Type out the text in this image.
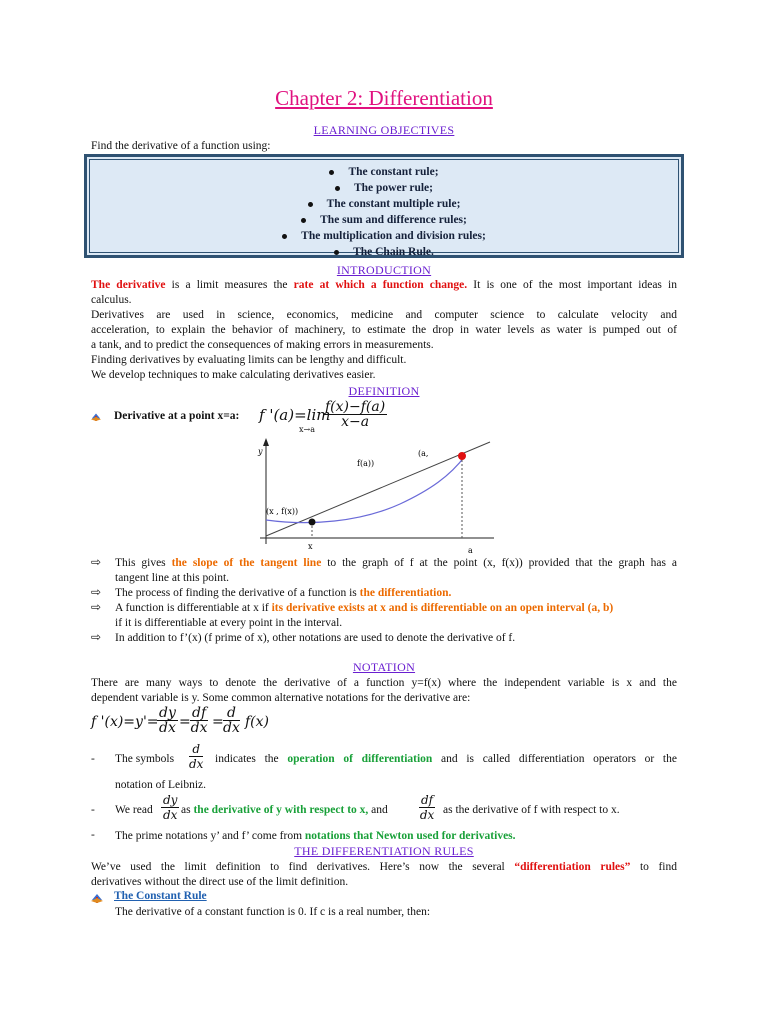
Chapter 2: Differentiation
LEARNING OBJECTIVES
Find the derivative of a function using:
The constant rule;
The power rule;
The constant multiple rule;
The sum and difference rules;
The multiplication and division rules;
The Chain Rule.
INTRODUCTION
The derivative is a limit measures the rate at which a function change. It is one of the most important ideas in
calculus.
Derivatives are used in science, economics, medicine and computer science to calculate velocity and
acceleration, to explain the behavior of machinery, to estimate the drop in water levels as water is pumped out of
a tank, and to predict the consequences of making errors in measurements.
Finding derivatives by evaluating limits can be lengthy and difficult.
We develop techniques to make calculating derivatives easier.
DEFINITION
Derivative at a point x=a: f '(a)=lim
x→a
$\frac{f(x)-f(a)}{x-a}$
y
x	a
f(a))
(a,
(x , f(x))
⇨ This gives the slope of the tangent line to the graph of f at the point (x, f(x)) provided that the graph has a
tangent line at this point.
⇨ The process of finding the derivative of a function is the differentiation.
⇨ A function is differentiable at x if its derivative exists at x and is differentiable on an open interval (a, b)
if it is differentiable at every point in the interval.
⇨ In addition to f’(x) (f prime of x), other notations are used to denote the derivative of f.
NOTATION
There are many ways to denote the derivative of a function y=f(x) where the independent variable is x and the
dependent variable is y. Some common alternative notations for the derivative are:
f '(x)=y'=
$\frac{dy}{dx} = \frac{df}{dx} = \frac{d}{dx} f(x)$
- The symbols $\frac{d}{dx}$ indicates the operation of differentiation and is called differentiation operators or the
notation of Leibniz.
- We read $\frac{dy}{dx}$ as the derivative of y with respect to x, and	$\frac{df}{dx}$ as the derivative of f with respect to x.
- The prime notations y’ and f’ come from notations that Newton used for derivatives.
THE DIFFERENTIATION RULES
We’ve used the limit definition to find derivatives. Here’s now the several “differentiation rules” to find
derivatives without the direct use of the limit definition.
The Constant Rule
The derivative of a constant function is 0. If c is a real number, then:
